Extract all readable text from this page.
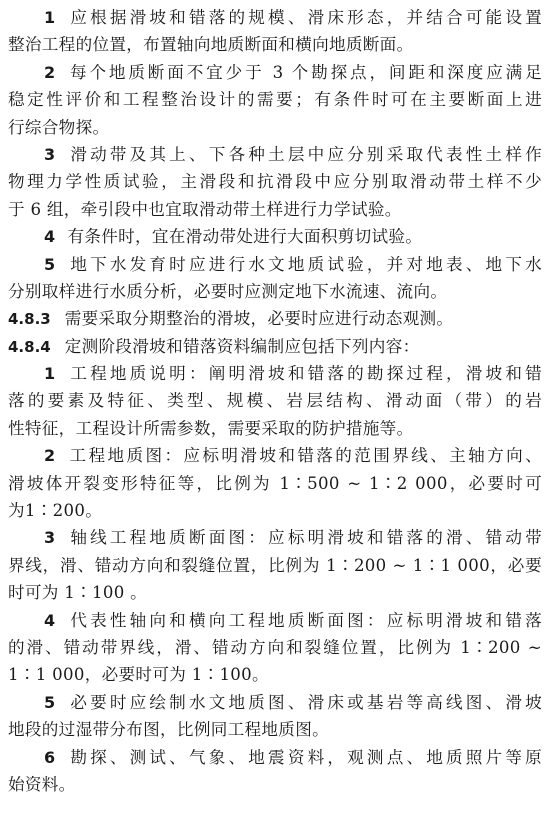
1 应根据滑坡和错落的规模、滑床形态，并结合可能设置
整治工程的位置，布置轴向地质断面和横向地质断面。
2 每个地质断面不宜少于 3 个勘探点，间距和深度应满足
稳定性评价和工程整治设计的需要；有条件时可在主要断面上进
行综合物探。
3 滑动带及其上、下各种土层中应分别采取代表性土样作
物理力学性质试验，主滑段和抗滑段中应分别取滑动带土样不少
于 6 组，牵引段中也宜取滑动带土样进行力学试验。
4 有条件时，宜在滑动带处进行大面积剪切试验。
5 地下水发育时应进行水文地质试验，并对地表、地下水
分别取样进行水质分析，必要时应测定地下水流速、流向。
4.8.3 需要采取分期整治的滑坡，必要时应进行动态观测。
4.8.4 定测阶段滑坡和错落资料编制应包括下列内容：
1 工程地质说明：阐明滑坡和错落的勘探过程，滑坡和错
落的要素及特征、类型、规模、岩层结构、滑动面（带）的岩
性特征，工程设计所需参数，需要采取的防护措施等。
2 工程地质图：应标明滑坡和错落的范围界线、主轴方向、
滑坡体开裂变形特征等，比例为 1∶500 ~ 1∶2 000，必要时可
为1∶200。
3 轴线工程地质断面图：应标明滑坡和错落的滑、错动带
界线，滑、错动方向和裂缝位置，比例为 1∶200 ~ 1∶1 000，必要
时可为 1∶100 。
4 代表性轴向和横向工程地质断面图：应标明滑坡和错落
的滑、错动带界线，滑、错动方向和裂缝位置，比例为 1∶200 ~
1∶1 000，必要时可为 1∶100。
5 必要时应绘制水文地质图、滑床或基岩等高线图、滑坡
地段的过湿带分布图，比例同工程地质图。
6 勘探、测试、气象、地震资料，观测点、地质照片等原
始资料。
